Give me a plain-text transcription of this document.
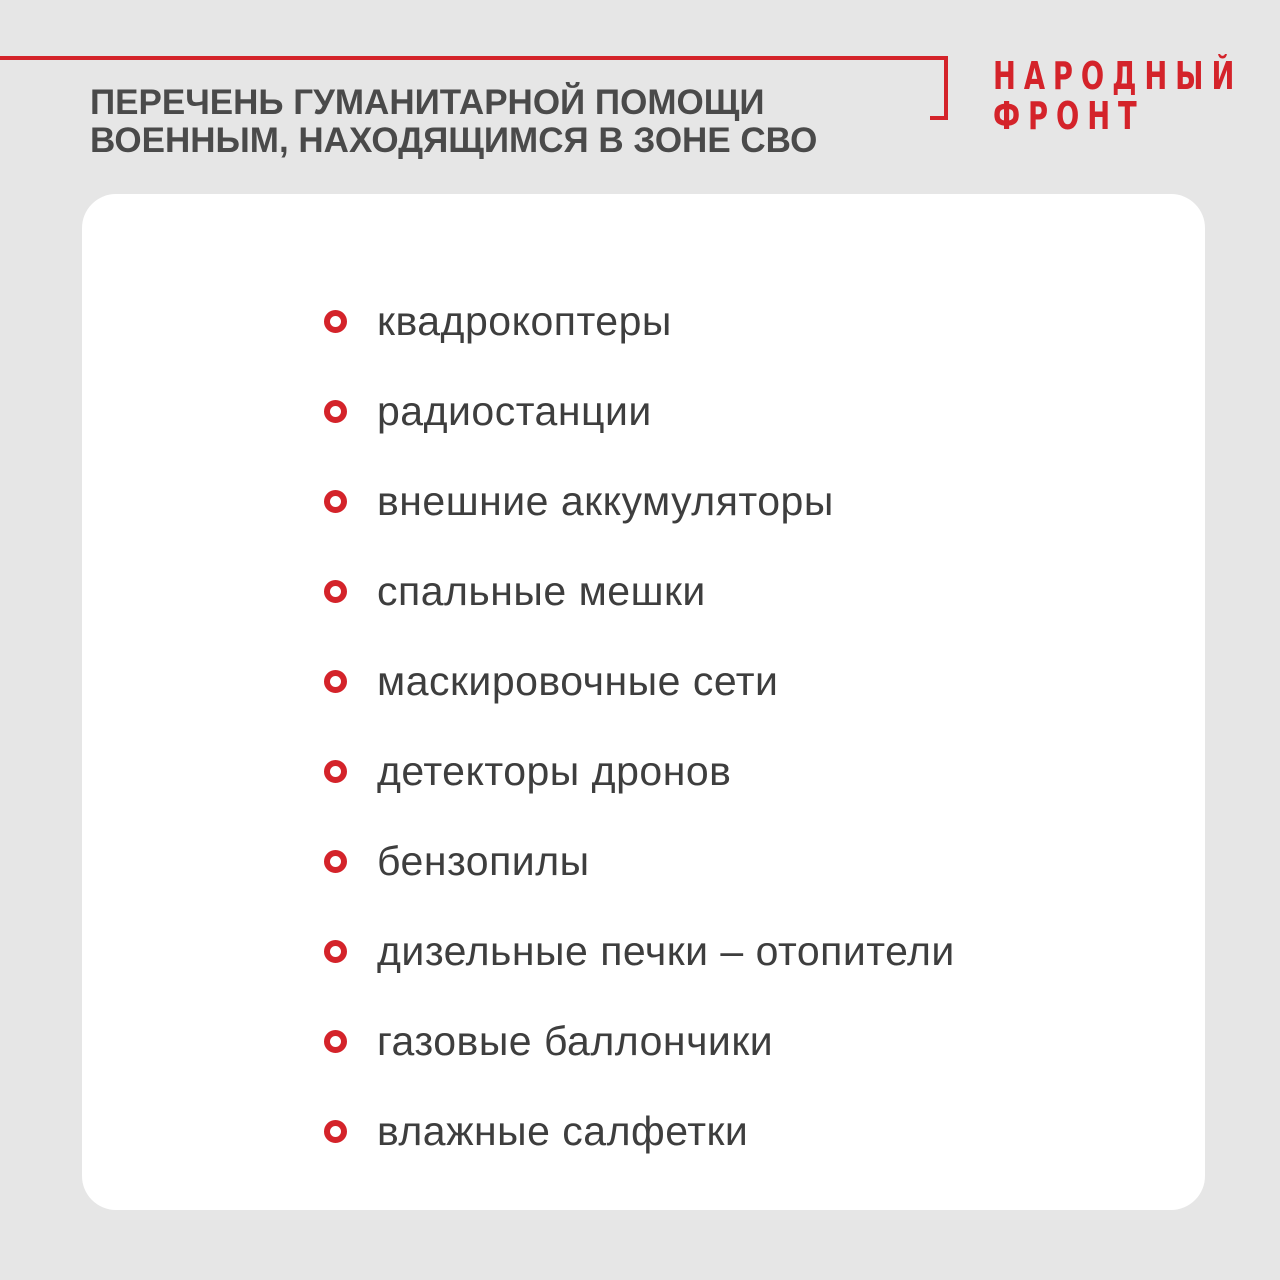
ПЕРЕЧЕНЬ ГУМАНИТАРНОЙ ПОМОЩИ
ВОЕННЫМ, НАХОДЯЩИМСЯ В ЗОНЕ СВО
НАРОДНЫЙ
ФРОНТ
квадрокоптеры
радиостанции
внешние аккумуляторы
спальные мешки
маскировочные сети
детекторы дронов
бензопилы
дизельные печки – отопители
газовые баллончики
влажные салфетки
